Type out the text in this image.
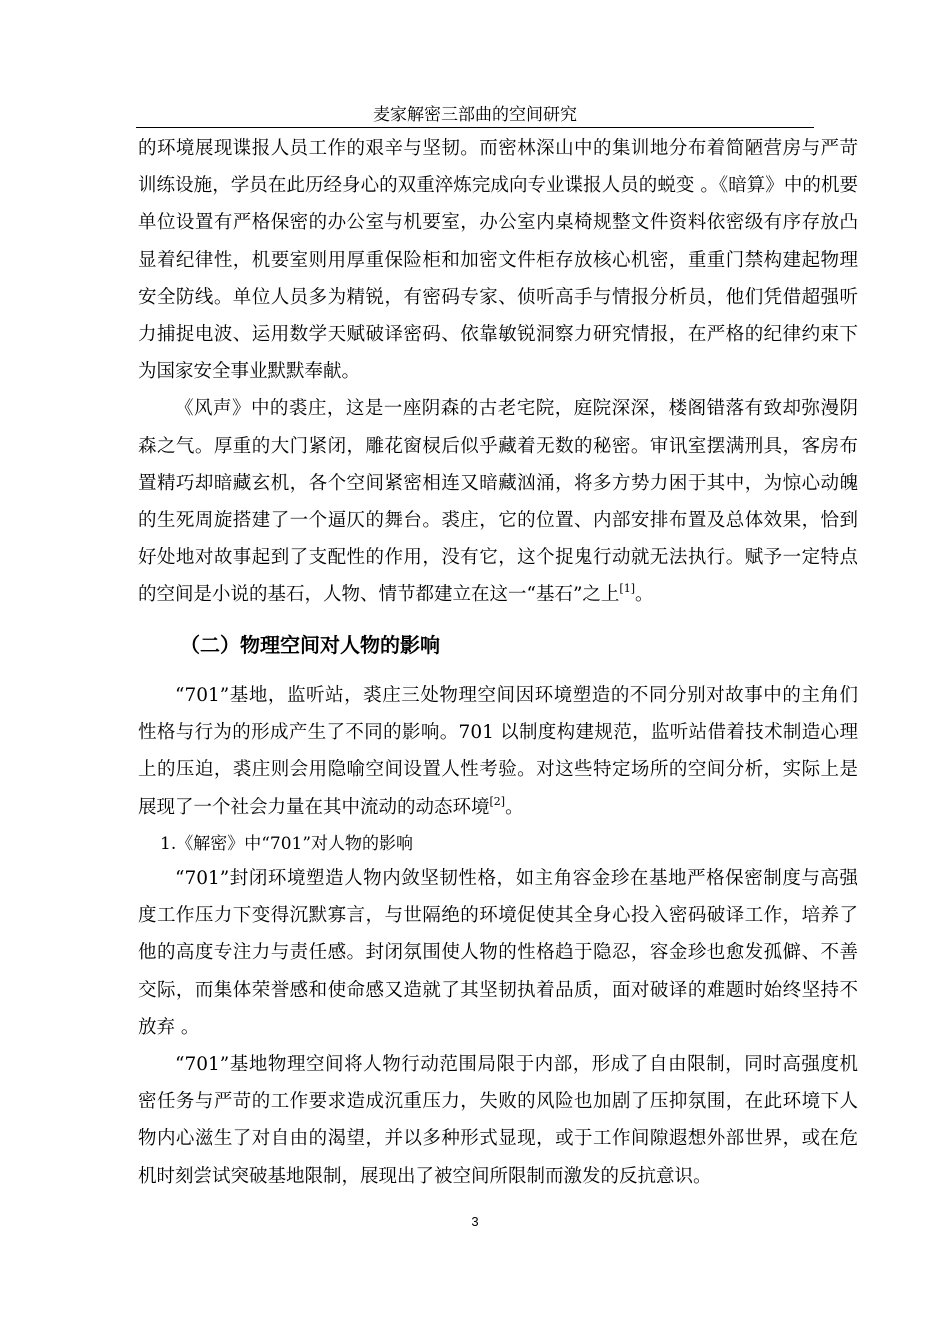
麦家解密三部曲的空间研究

的环境展现谍报人员工作的艰辛与坚韧。而密林深山中的集训地分布着简陋营房与严苛训练设施，学员在此历经身心的双重淬炼完成向专业谍报人员的蜕变 。《暗算》中的机要单位设置有严格保密的办公室与机要室，办公室内桌椅规整文件资料依密级有序存放凸显着纪律性，机要室则用厚重保险柜和加密文件柜存放核心机密，重重门禁构建起物理安全防线。单位人员多为精锐，有密码专家、侦听高手与情报分析员，他们凭借超强听力捕捉电波、运用数学天赋破译密码、依靠敏锐洞察力研究情报，在严格的纪律约束下为国家安全事业默默奉献。

《风声》中的裘庄，这是一座阴森的古老宅院，庭院深深，楼阁错落有致却弥漫阴森之气。厚重的大门紧闭，雕花窗棂后似乎藏着无数的秘密。审讯室摆满刑具，客房布置精巧却暗藏玄机，各个空间紧密相连又暗藏汹涌，将多方势力困于其中，为惊心动魄的生死周旋搭建了一个逼仄的舞台。裘庄，它的位置、内部安排布置及总体效果，恰到好处地对故事起到了支配性的作用，没有它，这个捉鬼行动就无法执行。赋予一定特点的空间是小说的基石，人物、情节都建立在这一“基石”之上[1]。

（二）物理空间对人物的影响

“701”基地，监听站，裘庄三处物理空间因环境塑造的不同分别对故事中的主角们性格与行为的形成产生了不同的影响。701 以制度构建规范，监听站借着技术制造心理上的压迫，裘庄则会用隐喻空间设置人性考验。对这些特定场所的空间分析，实际上是展现了一个社会力量在其中流动的动态环境[2]。

1.《解密》中“701”对人物的影响

“701”封闭环境塑造人物内敛坚韧性格，如主角容金珍在基地严格保密制度与高强度工作压力下变得沉默寡言，与世隔绝的环境促使其全身心投入密码破译工作，培养了他的高度专注力与责任感。封闭氛围使人物的性格趋于隐忍，容金珍也愈发孤僻、不善交际，而集体荣誉感和使命感又造就了其坚韧执着品质，面对破译的难题时始终坚持不放弃 。

“701”基地物理空间将人物行动范围局限于内部，形成了自由限制，同时高强度机密任务与严苛的工作要求造成沉重压力，失败的风险也加剧了压抑氛围，在此环境下人物内心滋生了对自由的渴望，并以多种形式显现，或于工作间隙遐想外部世界，或在危机时刻尝试突破基地限制，展现出了被空间所限制而激发的反抗意识。

3
